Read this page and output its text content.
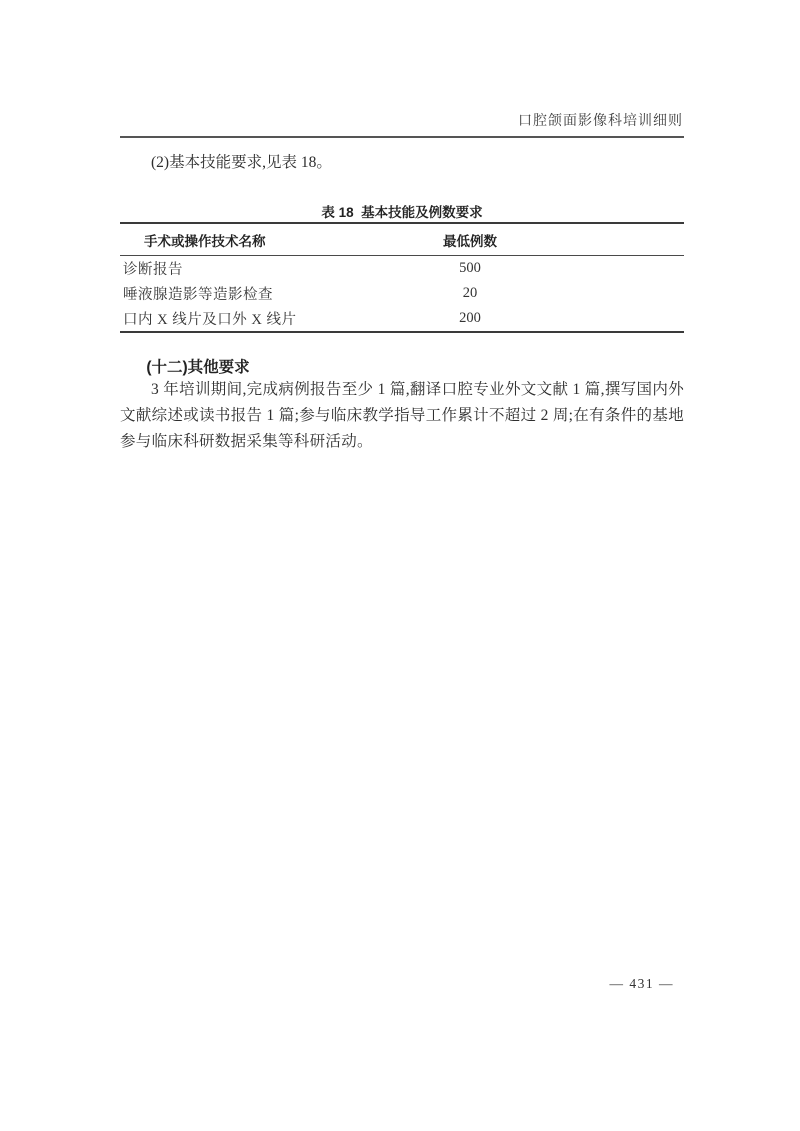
口腔颌面影像科培训细则

(2)基本技能要求,见表 18。

表 18  基本技能及例数要求
手术或操作技术名称	最低例数	
诊断报告	500	
唾液腺造影等造影检查	20	
口内 X 线片及口外 X 线片	200	
(十二)其他要求

3 年培训期间,完成病例报告至少 1 篇,翻译口腔专业外文文献 1 篇,撰写国内外文献综述或读书报告 1 篇;参与临床教学指导工作累计不超过 2 周;在有条件的基地参与临床科研数据采集等科研活动。

— 431 —
